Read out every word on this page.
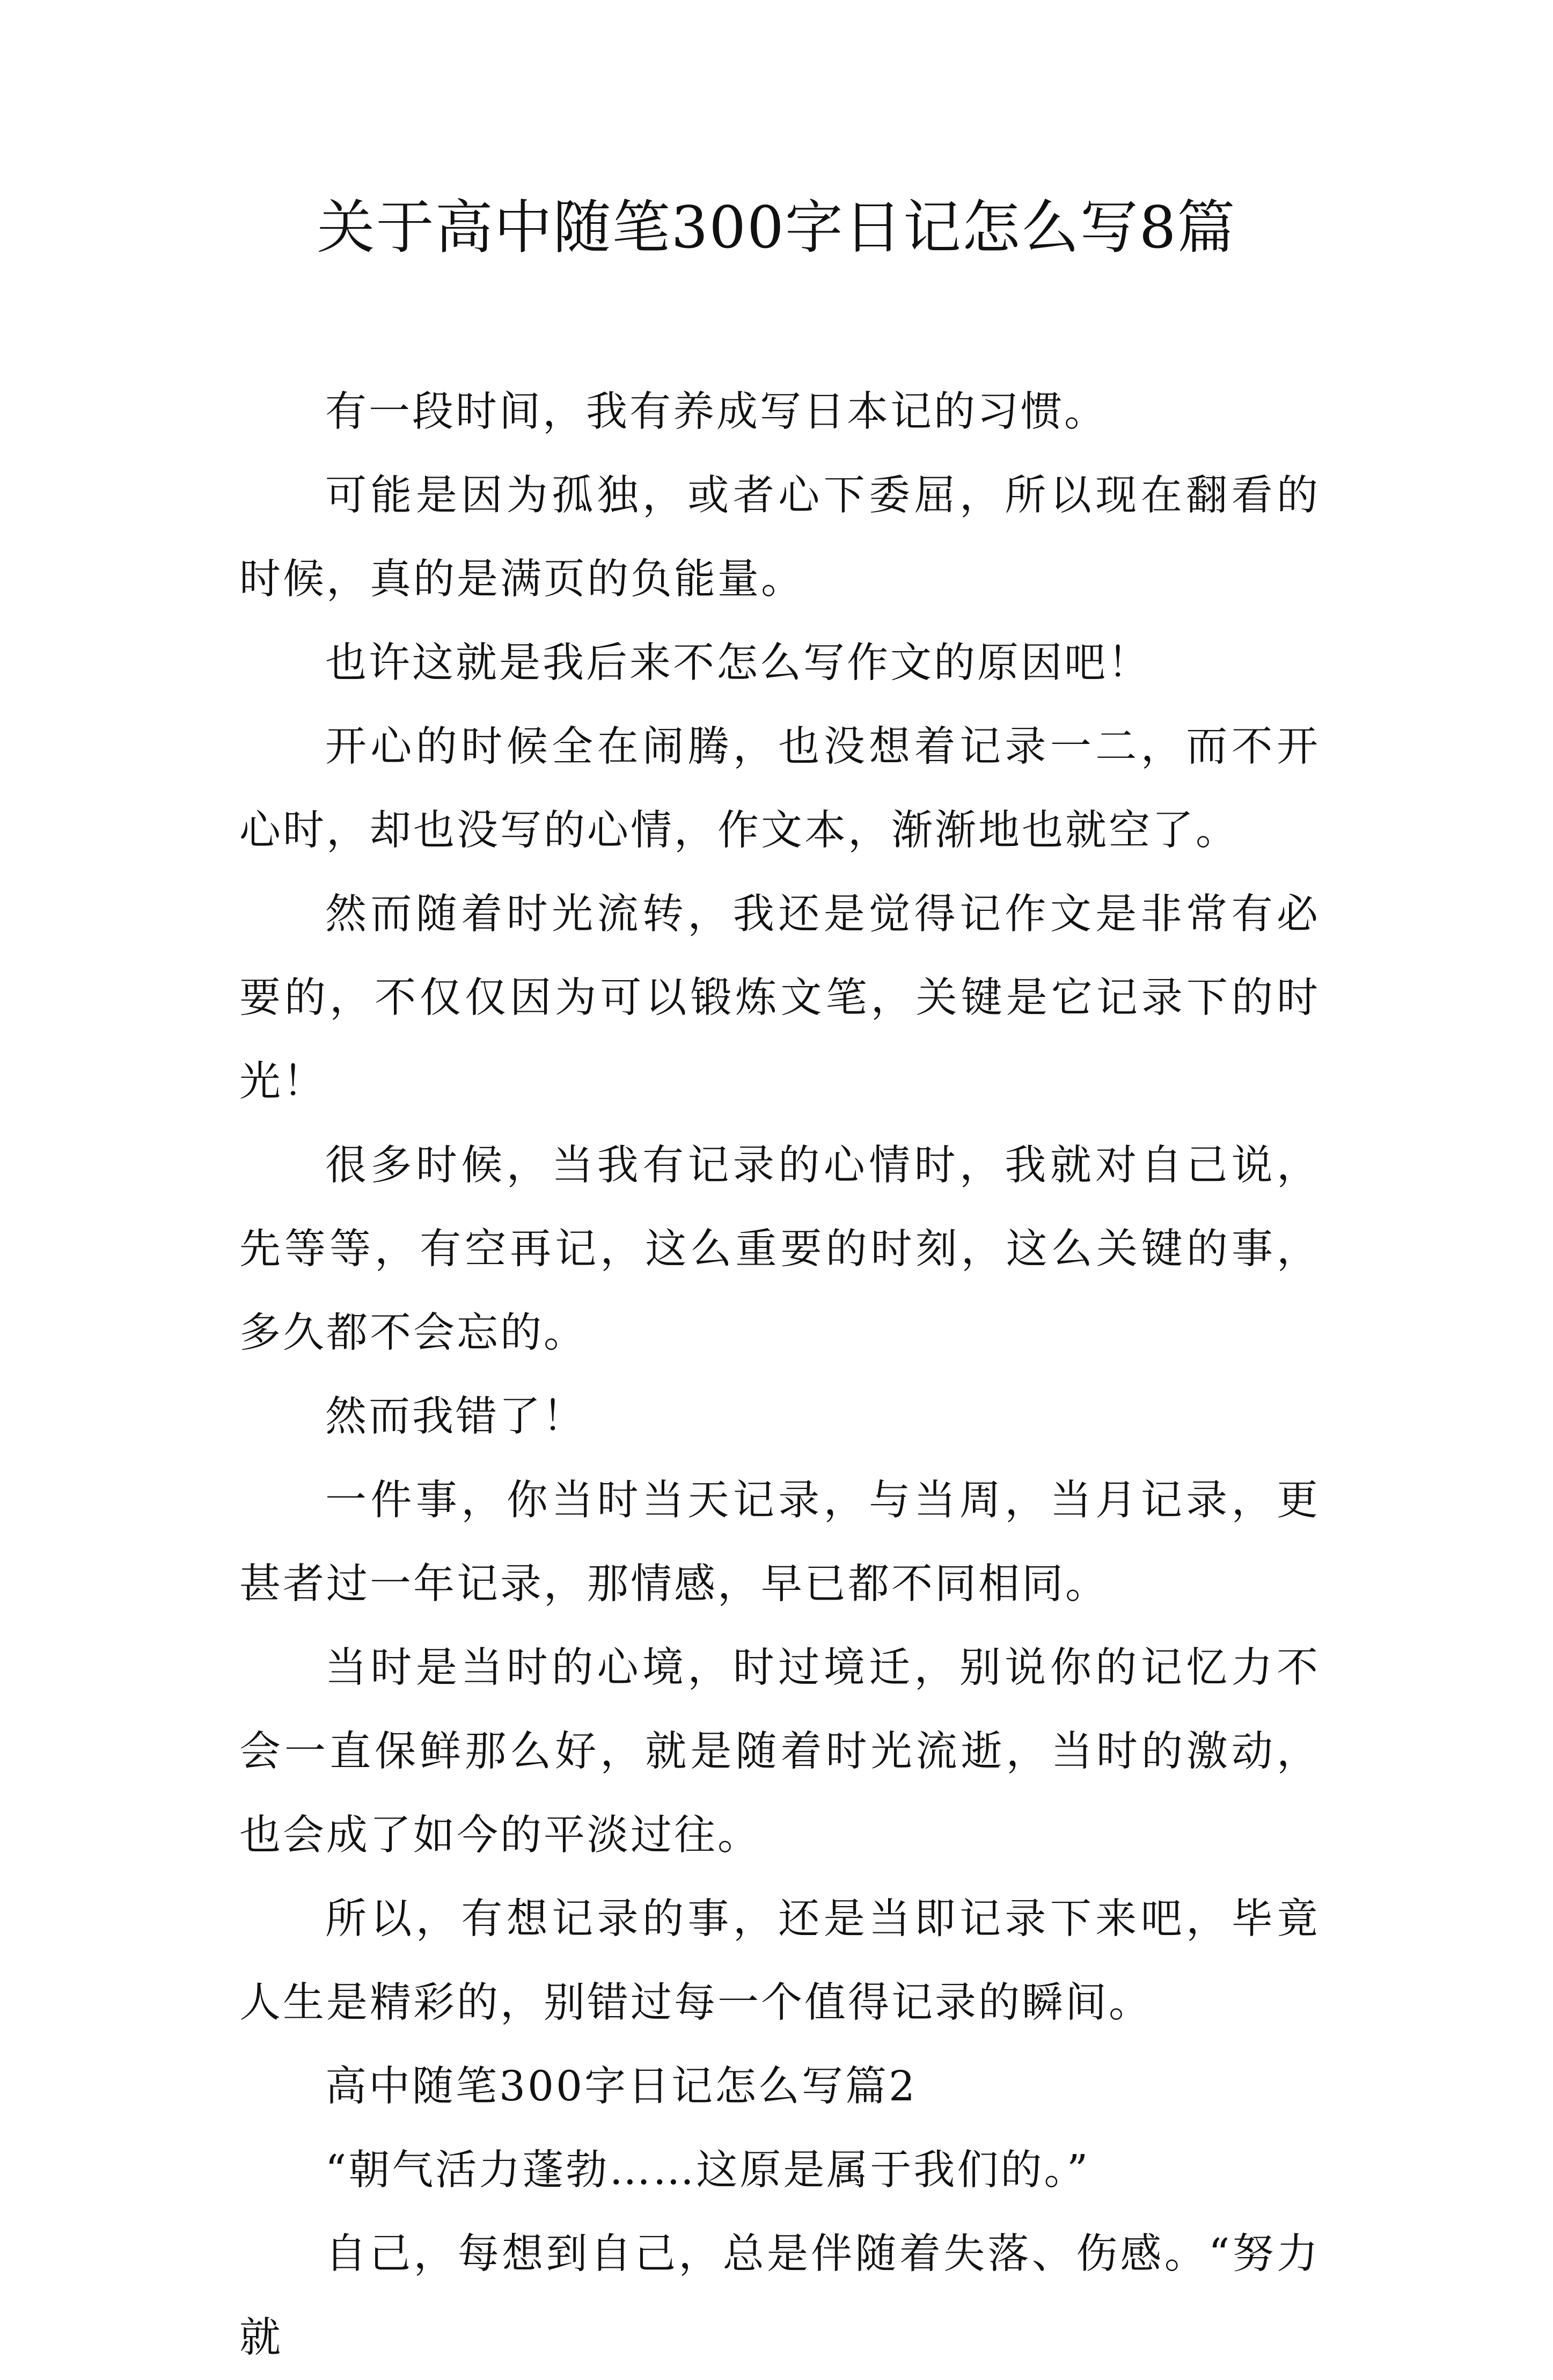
关于高中随笔300字日记怎么写8篇

有一段时间，我有养成写日本记的习惯。

可能是因为孤独，或者心下委屈，所以现在翻看的时候，真的是满页的负能量。

也许这就是我后来不怎么写作文的原因吧！

开心的时候全在闹腾，也没想着记录一二，而不开心时，却也没写的心情，作文本，渐渐地也就空了。

然而随着时光流转，我还是觉得记作文是非常有必要的，不仅仅因为可以锻炼文笔，关键是它记录下的时光！

很多时候，当我有记录的心情时，我就对自己说，先等等，有空再记，这么重要的时刻，这么关键的事，多久都不会忘的。

然而我错了！

一件事，你当时当天记录，与当周，当月记录，更甚者过一年记录，那情感，早已都不同相同。

当时是当时的心境，时过境迁，别说你的记忆力不会一直保鲜那么好，就是随着时光流逝，当时的激动，也会成了如今的平淡过往。

所以，有想记录的事，还是当即记录下来吧，毕竟人生是精彩的，别错过每一个值得记录的瞬间。

高中随笔300字日记怎么写篇2

“朝气活力蓬勃……这原是属于我们的。”

自己，每想到自己，总是伴随着失落、伤感。“努力就
